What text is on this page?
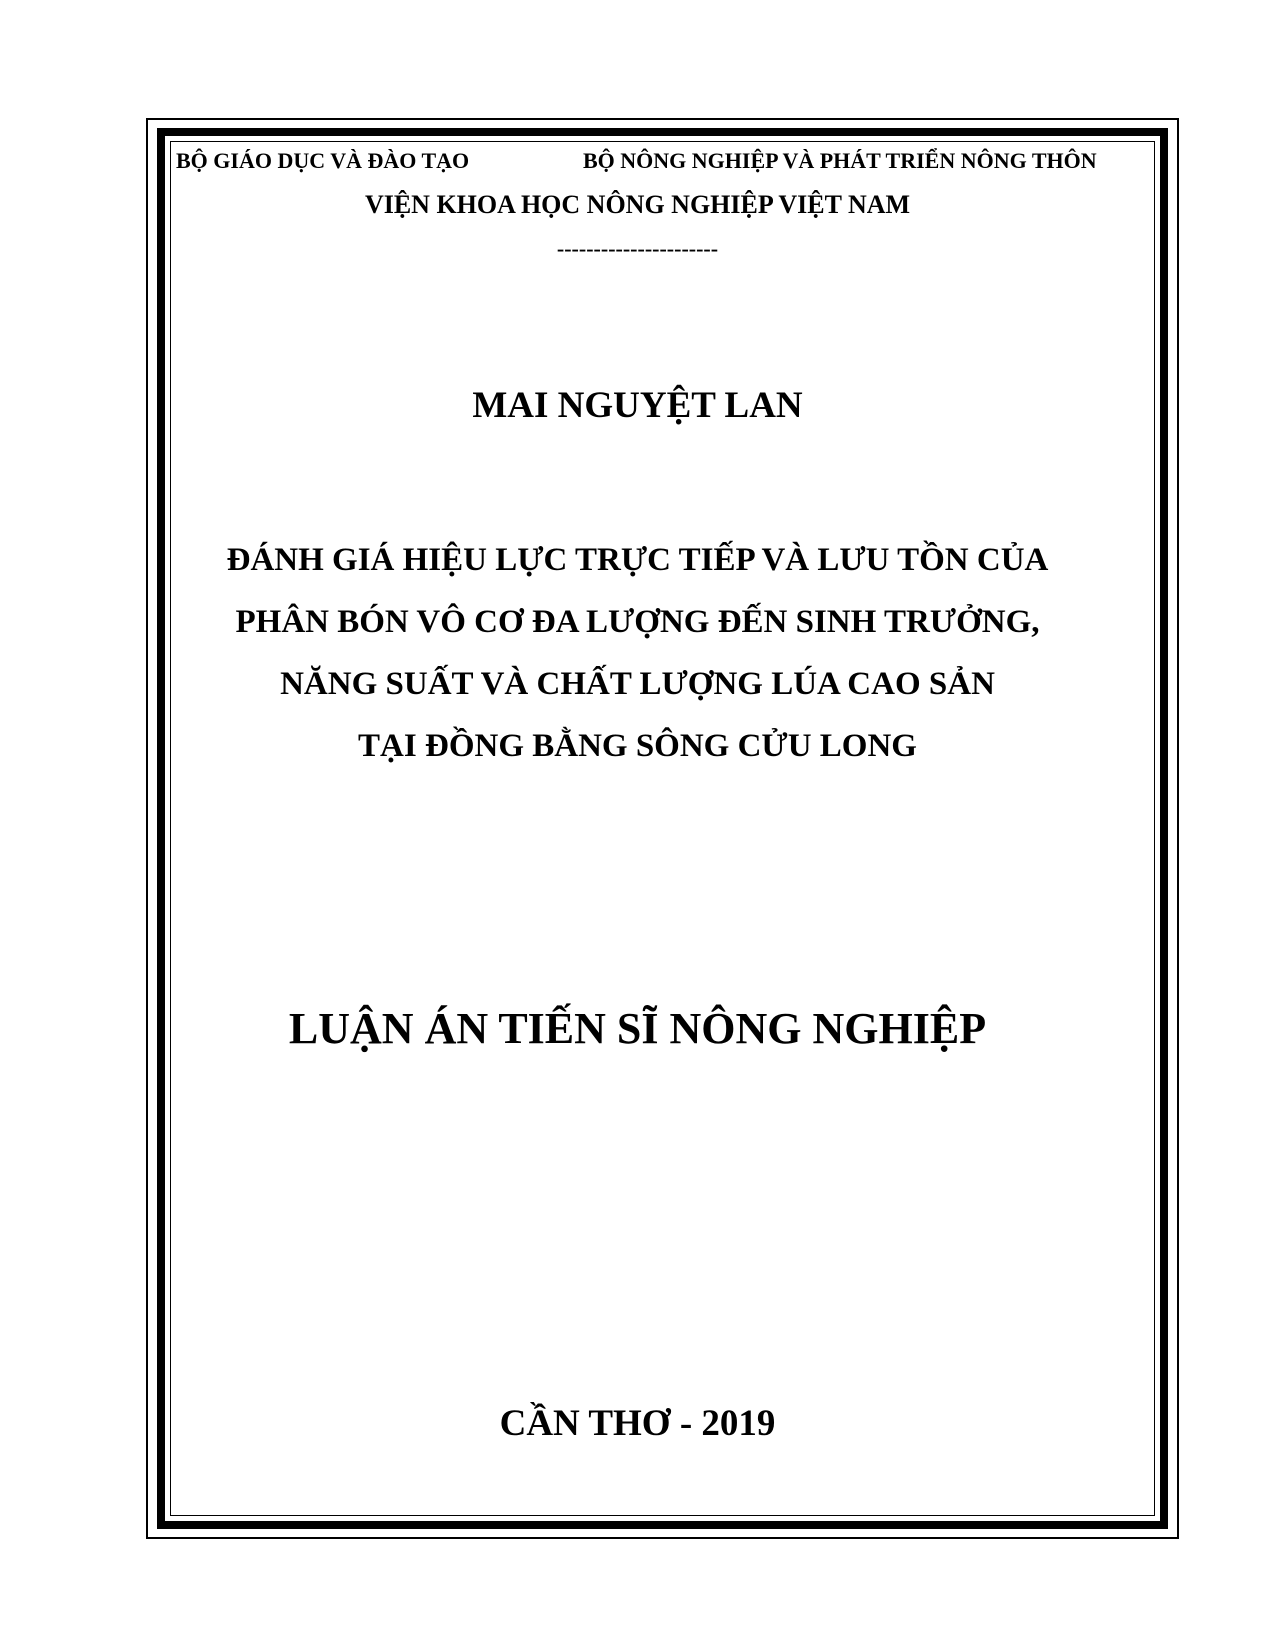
BỘ GIÁO DỤC VÀ ĐÀO TẠO	BỘ NÔNG NGHIỆP VÀ PHÁT TRIỂN NÔNG THÔN
VIỆN KHOA HỌC NÔNG NGHIỆP VIỆT NAM
----------------------
MAI NGUYỆT LAN
ĐÁNH GIÁ HIỆU LỰC TRỰC TIẾP VÀ LƯU TỒN CỦA
PHÂN BÓN VÔ CƠ ĐA LƯỢNG ĐẾN SINH TRƯỞNG,
NĂNG SUẤT VÀ CHẤT LƯỢNG LÚA CAO SẢN
TẠI ĐỒNG BẰNG SÔNG CỬU LONG
LUẬN ÁN TIẾN SĨ NÔNG NGHIỆP
CẦN THƠ - 2019
